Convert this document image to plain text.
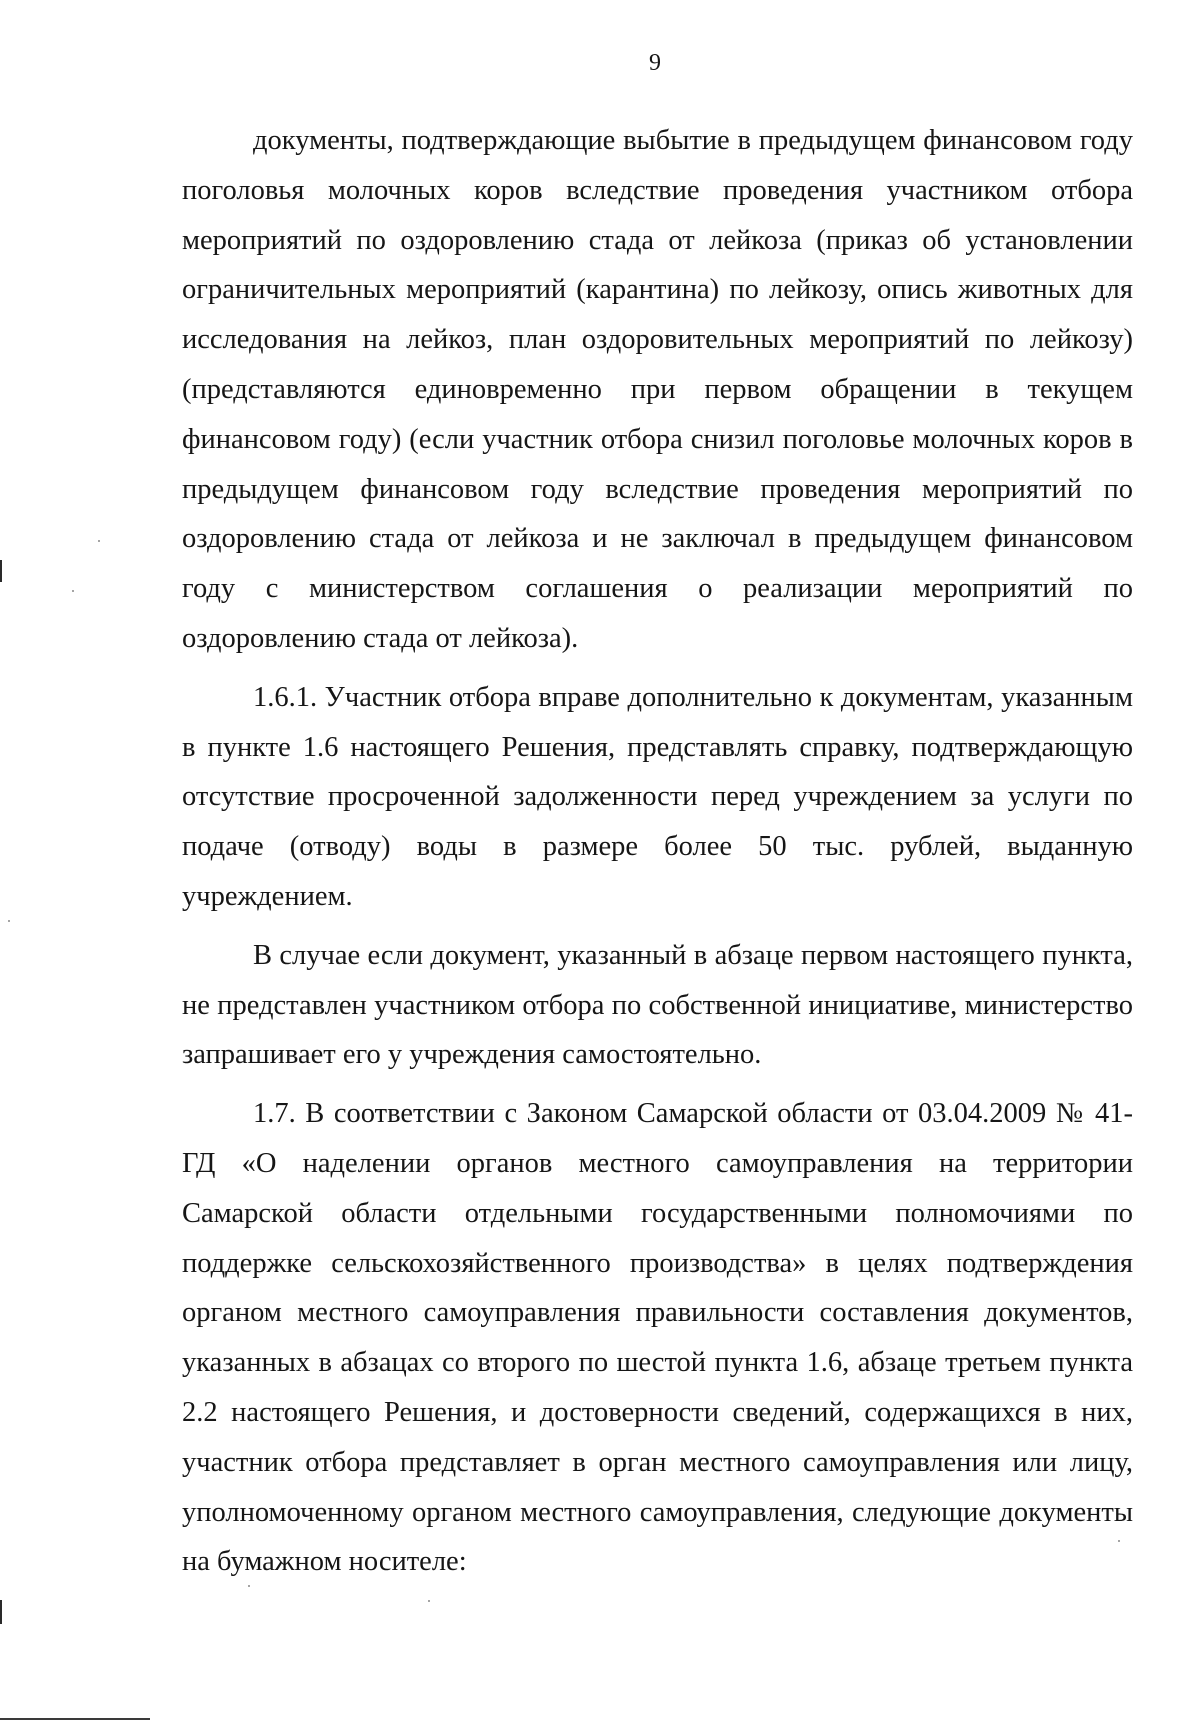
9

документы, подтверждающие выбытие в предыдущем финансовом году поголовья молочных коров вследствие проведения участником отбора мероприятий по оздоровлению стада от лейкоза (приказ об установлении ограничительных мероприятий (карантина) по лейкозу, опись животных для исследования на лейкоз, план оздоровительных мероприятий по лейкозу) (представляются единовременно при первом обращении в текущем финансовом году) (если участник отбора снизил поголовье молочных коров в предыдущем финансовом году вследствие проведения мероприятий по оздоровлению стада от лейкоза и не заключал в предыдущем финансовом году с министерством соглашения о реализации мероприятий по оздоровлению стада от лейкоза).

1.6.1. Участник отбора вправе дополнительно к документам, указанным в пункте 1.6 настоящего Решения, представлять справку, подтверждающую отсутствие просроченной задолженности перед учреждением за услуги по подаче (отводу) воды в размере более 50 тыс. рублей, выданную учреждением.

В случае если документ, указанный в абзаце первом настоящего пункта, не представлен участником отбора по собственной инициативе, министерство запрашивает его у учреждения самостоятельно.

1.7. В соответствии с Законом Самарской области от 03.04.2009 № 41-ГД «О наделении органов местного самоуправления на территории Самарской области отдельными государственными полномочиями по поддержке сельскохозяйственного производства» в целях подтверждения органом местного самоуправления правильности составления документов, указанных в абзацах со второго по шестой пункта 1.6, абзаце третьем пункта 2.2 настоящего Решения, и достоверности сведений, содержащихся в них, участник отбора представляет в орган местного самоуправления или лицу, уполномоченному органом местного самоуправления, следующие документы на бумажном носителе:
